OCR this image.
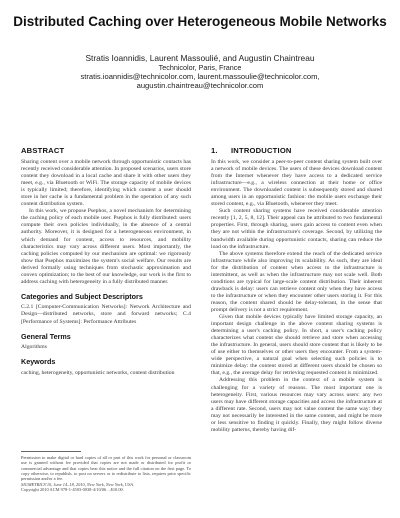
Distributed Caching over Heterogeneous Mobile Networks
Stratis Ioannidis, Laurent Massoulié, and Augustin Chaintreau
Technicolor, Paris, France
stratis.ioannidis@technicolor.com, laurent.massoulie@technicolor.com,
augustin.chaintreau@technicolor.com
ABSTRACT

Sharing content over a mobile network through opportunistic contacts has recently received considerable attention. In proposed scenarios, users store content they download in a local cache and share it with other users they meet, e.g., via Bluetooth or WiFi. The storage capacity of mobile devices is typically limited; therefore, identifying which content a user should store in her cache is a fundamental problem in the operation of any such content distribution system.

In this work, we propose Psephos, a novel mechanism for determining the caching policy of each mobile user. Psephos is fully distributed: users compute their own policies individually, in the absence of a central authority. Moreover, it is designed for a heterogeneous environment, in which demand for content, access to resources, and mobility characteristics may vary across different users. Most importantly, the caching policies computed by our mechanism are optimal: we rigorously show that Psephos maximizes the system's social welfare. Our results are derived formally using techniques from stochastic approximation and convex optimization; to the best of our knowledge, our work is the first to address caching with heterogeneity in a fully distributed manner.

Categories and Subject Descriptors

C.2.1 [Computer-Communication Networks]: Network Architecture and Design—distributed networks, store and forward networks; C.4 [Performance of Systems]: Performance Attributes

General Terms

Algorithms

Keywords

caching, heterogeneity, opportunistic networks, content distribution

Permission to make digital or hard copies of all or part of this work for personal or classroom use is granted without fee provided that copies are not made or distributed for profit or commercial advantage and that copies bear this notice and the full citation on the first page. To copy otherwise, to republish, to post on servers or to redistribute to lists, requires prior specific permission and/or a fee.
SIGMETRICS'10, June 14–18, 2010, New York, New York, USA.
Copyright 2010 ACM 978-1-4503-0038-4/10/06 ...$10.00.
1. INTRODUCTION

In this work, we consider a peer-to-peer content sharing system built over a network of mobile devices. The users of these devices download content from the Internet whenever they have access to a dedicated service infrastructure—e.g., a wireless connection at their home or office environment. The downloaded content is subsequently stored and shared among users in an opportunistic fashion: the mobile users exchange their stored content, e.g., via Bluetooth, whenever they meet.

Such content sharing systems have received considerable attention recently [1, 2, 5, 8, 12]. Their appeal can be attributed to two fundamental properties. First, through sharing, users gain access to content even when they are not within the infrastructure's coverage. Second, by utilizing the bandwidth available during opportunistic contacts, sharing can reduce the load on the infrastructure.

The above systems therefore extend the reach of the dedicated service infrastructure while also improving its scalability. As such, they are ideal for the distribution of content when access to the infrastructure is intermittent, as well as when the infrastructure may not scale well. Both conditions are typical for large-scale content distribution. Their inherent drawback is delay: users can retrieve content only when they have access to the infrastructure or when they encounter other users storing it. For this reason, the content shared should be delay-tolerant, in the sense that prompt delivery is not a strict requirement.

Given that mobile devices typically have limited storage capacity, an important design challenge in the above content sharing systems is determining a user's caching policy. In short, a user's caching policy characterizes what content she should retrieve and store when accessing the infrastructure. In general, users should store content that is likely to be of use either to themselves or other users they encounter. From a system-wide perspective, a natural goal when selecting such policies is to minimize delay: the content stored at different users should be chosen so that, e.g., the average delay for retrieving requested content is minimized.

Addressing this problem in the context of a mobile system is challenging for a variety of reasons. The most important one is heterogeneity. First, various resources may vary across users: any two users may have different storage capacities and access the infrastructure at a different rate. Second, users may not value content the same way: they may not necessarily be interested in the same content, and might be more or less sensitive to finding it quickly. Finally, they might follow diverse mobility patterns, thereby having dif-
